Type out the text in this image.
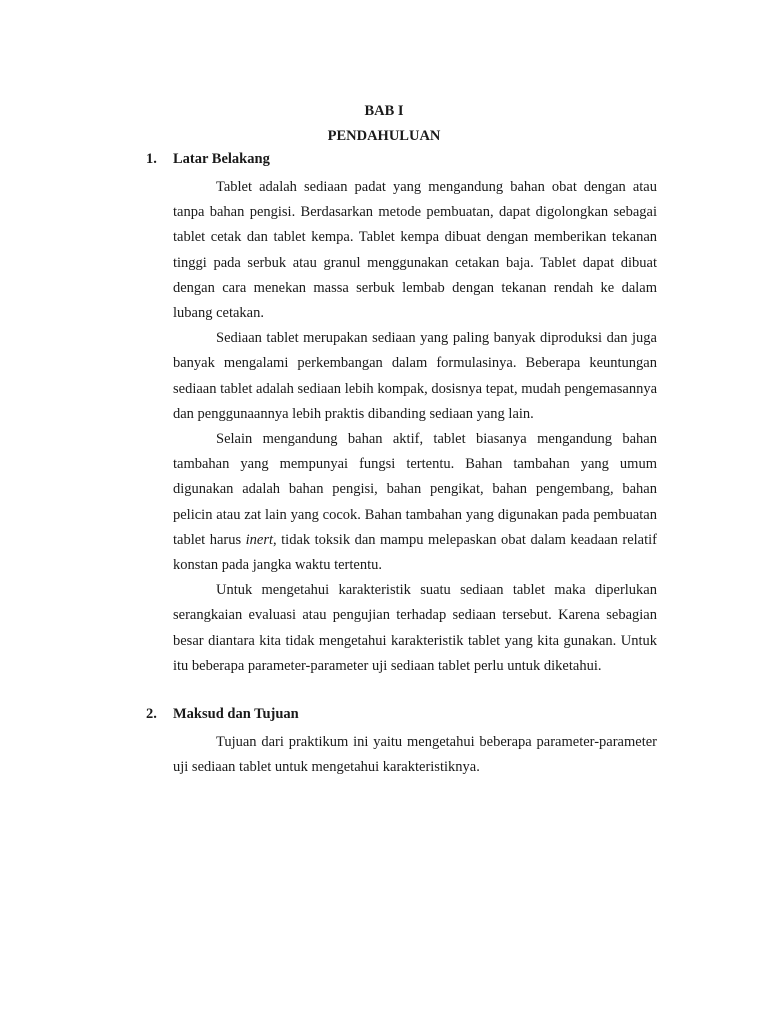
BAB I
PENDAHULUAN
1. Latar Belakang

Tablet adalah sediaan padat yang mengandung bahan obat dengan atau tanpa bahan pengisi. Berdasarkan metode pembuatan, dapat digolongkan sebagai tablet cetak dan tablet kempa. Tablet kempa dibuat dengan memberikan tekanan tinggi pada serbuk atau granul menggunakan cetakan baja. Tablet dapat dibuat dengan cara menekan massa serbuk lembab dengan tekanan rendah ke dalam lubang cetakan.

Sediaan tablet merupakan sediaan yang paling banyak diproduksi dan juga banyak mengalami perkembangan dalam formulasinya. Beberapa keuntungan sediaan tablet adalah sediaan lebih kompak, dosisnya tepat, mudah pengemasannya dan penggunaannya lebih praktis dibanding sediaan yang lain.

Selain mengandung bahan aktif, tablet biasanya mengandung bahan tambahan yang mempunyai fungsi tertentu. Bahan tambahan yang umum digunakan adalah bahan pengisi, bahan pengikat, bahan pengembang, bahan pelicin atau zat lain yang cocok. Bahan tambahan yang digunakan pada pembuatan tablet harus inert, tidak toksik dan mampu melepaskan obat dalam keadaan relatif konstan pada jangka waktu tertentu.

Untuk mengetahui karakteristik suatu sediaan tablet maka diperlukan serangkaian evaluasi atau pengujian terhadap sediaan tersebut. Karena sebagian besar diantara kita tidak mengetahui karakteristik tablet yang kita gunakan. Untuk itu beberapa parameter-parameter uji sediaan tablet perlu untuk diketahui.

2. Maksud dan Tujuan

Tujuan dari praktikum ini yaitu mengetahui beberapa parameter-parameter uji sediaan tablet untuk mengetahui karakteristiknya.
